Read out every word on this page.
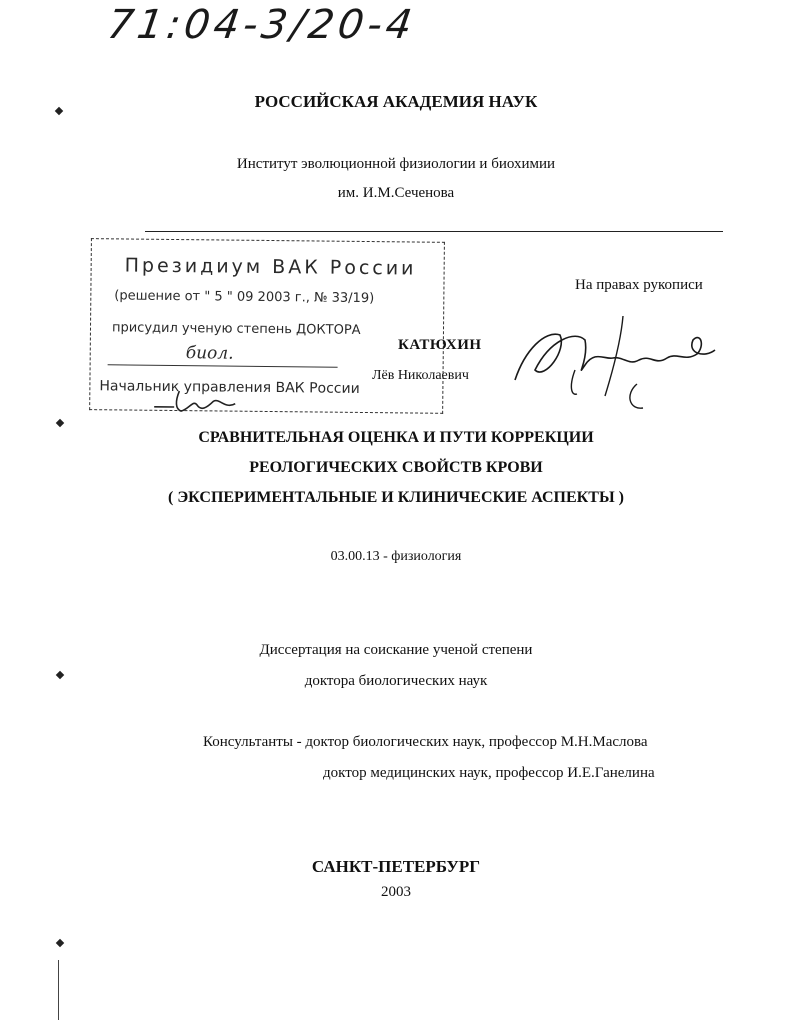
71:04-3/20-4
РОССИЙСКАЯ АКАДЕМИЯ НАУК
Институт эволюционной физиологии и биохимии
им. И.М.Сеченова
На правах рукописи
Президиум ВАК России
(решение от " 5 " 09 2003 г., № 33/19)
присудил ученую степень ДОКТОРА
биол.
Начальник управления ВАК России
КАТЮХИН
Лёв Николаевич
СРАВНИТЕЛЬНАЯ ОЦЕНКА И ПУТИ КОРРЕКЦИИ
РЕОЛОГИЧЕСКИХ СВОЙСТВ КРОВИ
( ЭКСПЕРИМЕНТАЛЬНЫЕ И КЛИНИЧЕСКИЕ АСПЕКТЫ )
03.00.13 - физиология
Диссертация на соискание ученой степени
доктора биологических наук
Консультанты - доктор биологических наук, профессор М.Н.Маслова
доктор медицинских наук, профессор И.Е.Ганелина
САНКТ-ПЕТЕРБУРГ
2003
